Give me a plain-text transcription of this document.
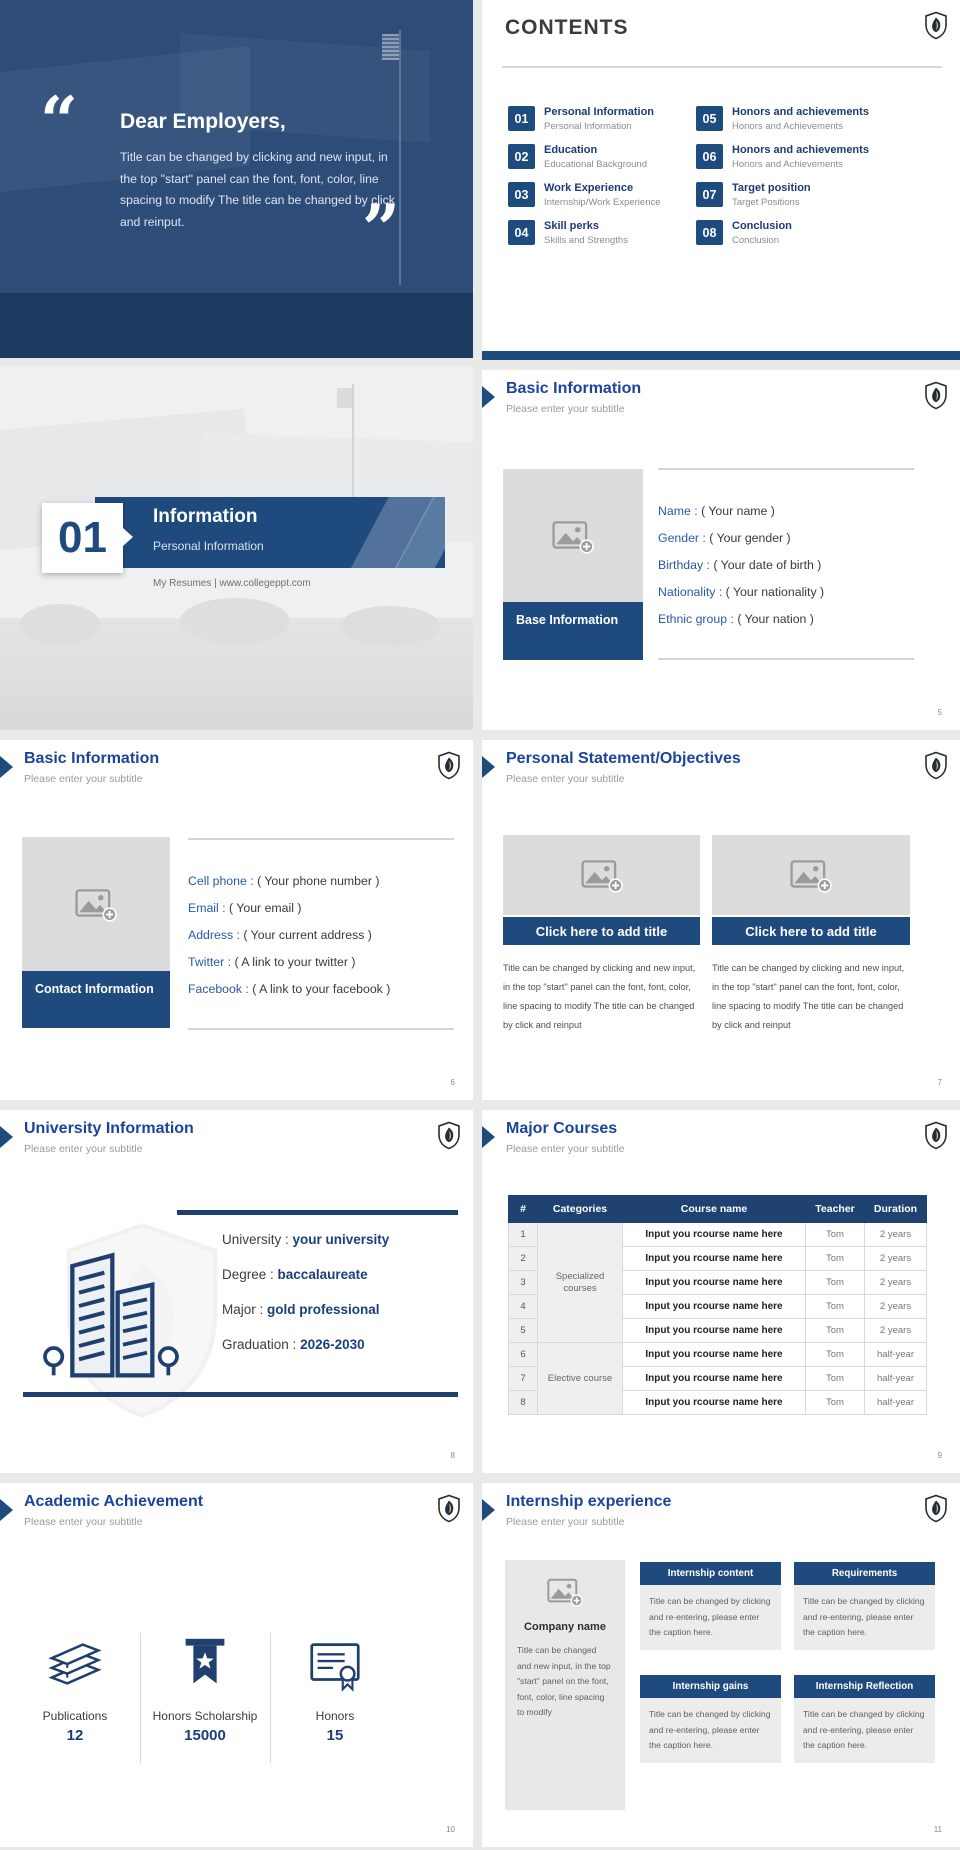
“ Dear Employers,
Title can be changed by clicking and new input, in the top "start" panel can the font, font, color, line spacing to modify The title can be changed by click and reinput.	”
CONTENTS
01	Personal Information
Personal Information
02	Education
Educational Background
03	Work Experience
Internship/Work Experience
04	Skill perks
Skills and Strengths
05	Honors and achievements
Honors and Achievements
06	Honors and achievements
Honors and Achievements
07	Target position
Target Positions
08	Conclusion
Conclusion
Information
Personal Information
01
My Resumes | www.collegeppt.com
Basic Information
Please enter your subtitle
Base Information
Name : ( Your name )
Gender : ( Your gender )
Birthday : ( Your date of birth )
Nationality : ( Your nationality )
Ethnic group : ( Your nation )
5
Basic Information
Please enter your subtitle
Contact Information
Cell phone : ( Your phone number )
Email : ( Your email )
Address : ( Your current address )
Twitter : ( A link to your twitter )
Facebook : ( A link to your facebook )
6
Personal Statement/Objectives
Please enter your subtitle
Click here to add title
Title can be changed by clicking and new input, in the top "start" panel can the font, font, color, line spacing to modify The title can be changed by click and reinput
Click here to add title
Title can be changed by clicking and new input, in the top "start" panel can the font, font, color, line spacing to modify The title can be changed by click and reinput
7
University Information
Please enter your subtitle
University : your university
Degree : baccalaureate
Major : gold professional
Graduation : 2026-2030
8
Major Courses
Please enter your subtitle
#	Categories	Course name	Teacher	Duration
1	Specialized courses	Input you rcourse name here	Tom	2 years
2		Input you rcourse name here	Tom	2 years
3		Input you rcourse name here	Tom	2 years
4		Input you rcourse name here	Tom	2 years
5		Input you rcourse name here	Tom	2 years
6	Elective course	Input you rcourse name here	Tom	half-year
7		Input you rcourse name here	Tom	half-year
8		Input you rcourse name here	Tom	half-year
9
Academic Achievement
Please enter your subtitle
Publications
12
Honors Scholarship
15000
Honors
15
10
Internship experience
Please enter your subtitle
Company name
Title can be changed and new input, in the top "start" panel on the font, font, color, line spacing to modify
Internship content
Title can be changed by clicking and re-entering, please enter the caption here.
Requirements
Title can be changed by clicking and re-entering, please enter the caption here.
Internship gains
Title can be changed by clicking and re-entering, please enter the caption here.
Internship Reflection
Title can be changed by clicking and re-entering, please enter the caption here.
11
